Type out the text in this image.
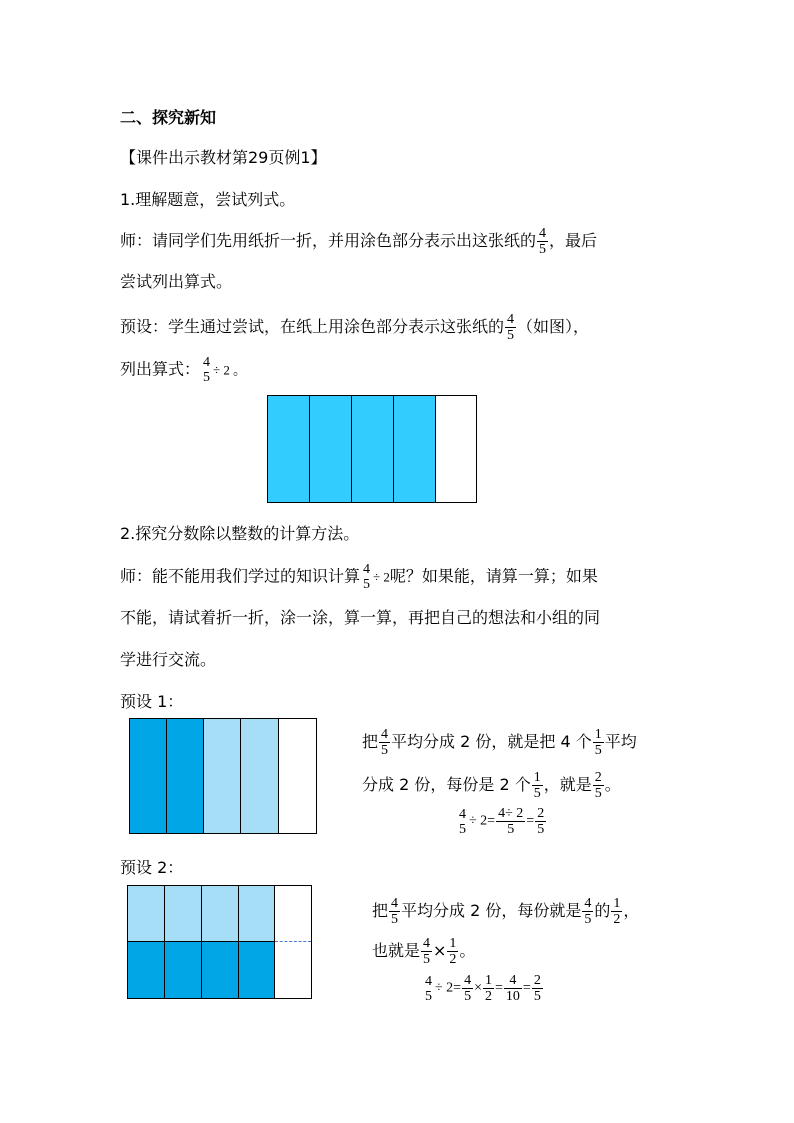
二、探究新知
【课件出示教材第29页例1】
1.理解题意，尝试列式。
师：请同学们先用纸折一折，并用涂色部分表示出这张纸的 $\frac{4}{5}$ ，最后
尝试列出算式。
预设：学生通过尝试，在纸上用涂色部分表示这张纸的 $\frac{4}{5}$ （如图），
列出算式： 4
5 ÷ 2 。
2.探究分数除以整数的计算方法。
师：能不能用我们学过的知识计算 4
5 ÷ 2呢？如果能，请算一算；如果
不能，请试着折一折，涂一涂，算一算，再把自己的想法和小组的同
学进行交流。
预设 1：
把 $\frac{4}{5}$ 平均分成 2 份，就是把 4 个 $\frac{1}{5}$ 平均
分成 2 份，每份是 2 个 $\frac{1}{5}$ ，就是 $\frac{2}{5}$ 。
4
5
÷ $2= \frac{4\div 2}{5} = \frac{2}{5}$
预设 2：
把 $\frac{4}{5}$ 平均分成 2 份，每份就是 $\frac{4}{5}$ 的 $\frac{1}{2}$ ，
也就是 $\frac{4}{5} \times \frac{1}{2}$ 。
4
5
÷ $2= \frac{4}{5} \times \frac{1}{2} = \frac{4}{10} = \frac{2}{5}$
